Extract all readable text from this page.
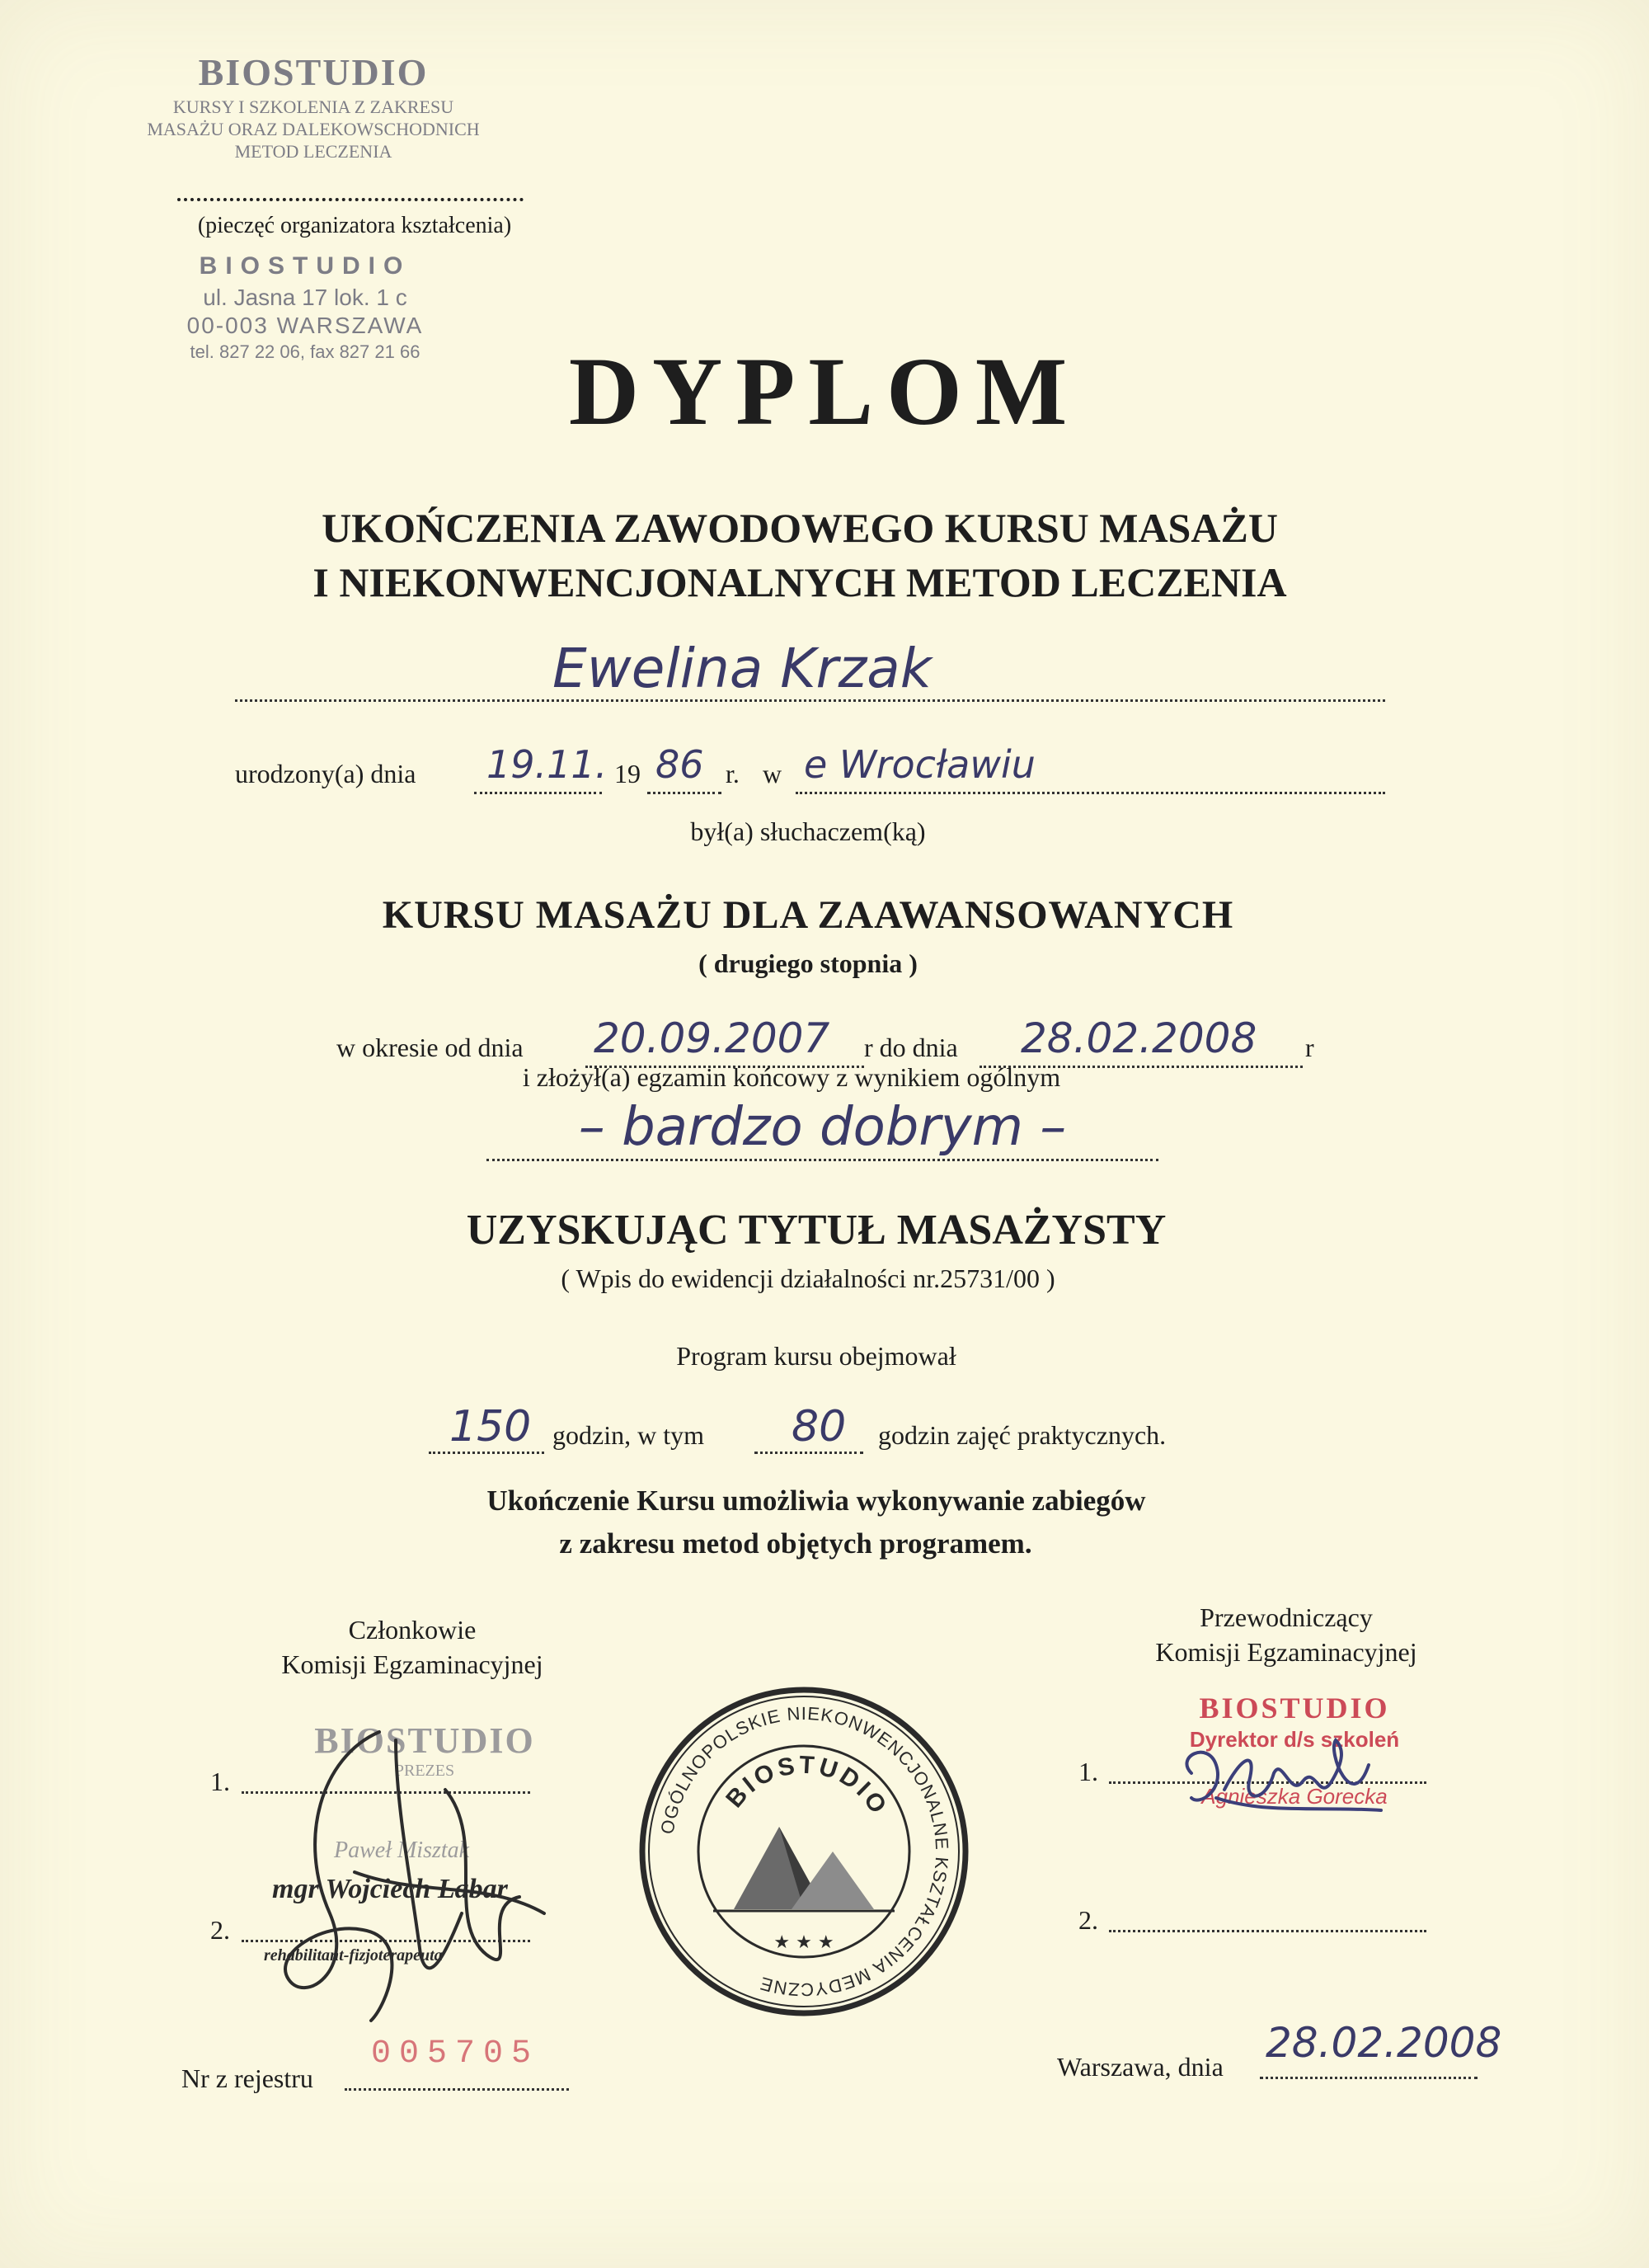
BIOSTUDIO
KURSY I SZKOLENIA Z ZAKRESU
MASAŻU ORAZ DALEKOWSCHODNICH
METOD LECZENIA
(pieczęć organizatora kształcenia)
BIOSTUDIO
ul. Jasna 17 lok. 1 c
00-003 WARSZAWA
tel. 827 22 06, fax 827 21 66	DYPLOM
UKOŃCZENIA ZAWODOWEGO KURSU MASAŻU
I NIEKONWENCJONALNYCH METOD LECZENIA
Ewelina Krzak
urodzony(a) dnia 19.11. 19 86 r. w e Wrocławiu
był(a) słuchaczem(ką)
KURSU MASAŻU DLA ZAAWANSOWANYCH
( drugiego stopnia )
w okresie od dnia 20.09.2007 r do dnia 28.02.2008 r
i złożył(a) egzamin końcowy z wynikiem ogólnym
– bardzo dobrym –
UZYSKUJĄC TYTUŁ MASAŻYSTY
( Wpis do ewidencji działalności nr.25731/00 )
Program kursu obejmował
150 godzin, w tym 80 godzin zajęć praktycznych.
Ukończenie Kursu umożliwia wykonywanie zabiegów
z zakresu metod objętych programem.
Członkowie
Komisji Egzaminacyjnej
BIOSTUDIO
PREZES
Paweł Misztak
mgr Wojciech Labar
rehabilitant-fizjoterapeuta
1.
2.
OGÓLNOPOLSKIE NIEKONWENCJONALNE KSZTAŁCENIA MEDYCZNE
BIOSTUDIO
★ ★ ★
Przewodniczący
Komisji Egzaminacyjnej
BIOSTUDIO
Dyrektor d/s szkoleń
Agnieszka Gorecka
1.
2.
Nr z rejestru
005705	Warszawa, dnia 28.02.2008
